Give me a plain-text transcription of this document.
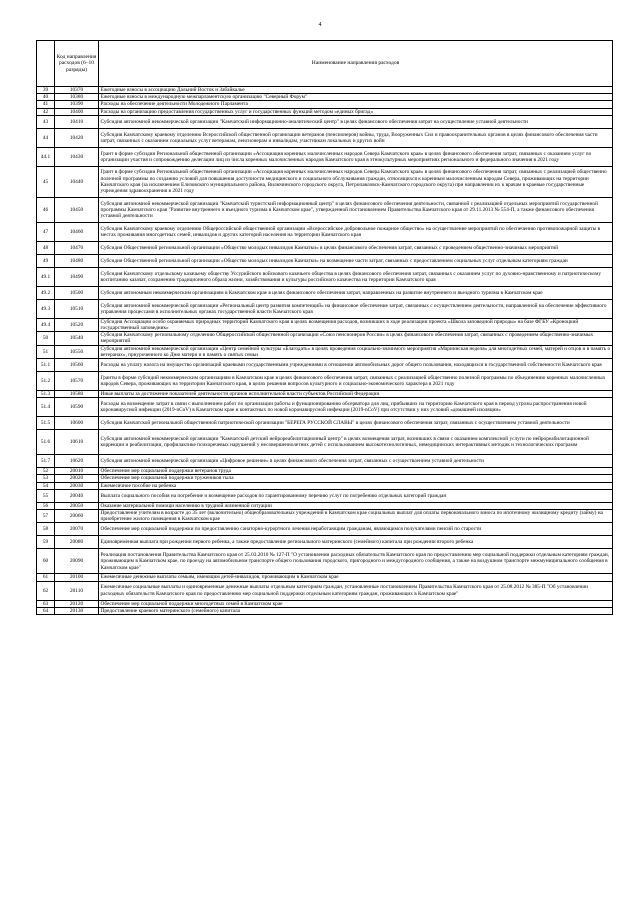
4
	Код направления расходов (6–10 разряды)	Наименование направления расходов
39	10370	Ежегодные взносы в ассоциацию Дальний Восток и Забайкалье
40	10380	Ежегодные взносы в международную межпарламентскую организацию "Северный Форум"
41	10390	Расходы на обеспечение деятельности Молодежного Парламента
42	10400	Расходы на организацию предоставления государственных услуг и государственных функций методом «единых бригад»
43	10410	Субсидия автономной некоммерческой организации "Камчатский информационно-аналитический центр" в целях финансового обеспечения затрат на осуществление уставной деятельности
44	10420	Субсидия Камчатскому краевому отделению Всероссийской общественной организации ветеранов (пенсионеров) войны, труда, Вооруженных Сил и правоохранительных органов в целях финансового обеспечения части затрат, связанных с оказанием социальных услуг ветеранам, пенсионерам и инвалидам, участникам локальных и других войн
44.1	10430	Грант в форме субсидии Региональной общественной организации «Ассоциация коренных малочисленных народов Севера Камчатского края» в целях финансового обеспечения затрат, связанных с оказанием услуг по организации участия и сопровождению делегации лиц из числа коренных малочисленных народов Камчатского края в этнокультурных мероприятиях регионального и федерального значения в 2021 году
45	10440	Грант в форме субсидии Региональной общественной организации «Ассоциация коренных малочисленных народов Севера Камчатского края» в целях финансового обеспечения затрат, связанных с реализацией общественно полезной программы по созданию условий для повышения доступности медицинского и социального обслуживания граждан, относящихся к коренным малочисленным народам Севера, проживающих на территории Камчатского края (за исключением Елизовского муниципального района, Вилючинского городского округа, Петропавловск-Камчатского городского округа) при направлении их к врачам в краевые государственные учреждения здравоохранения в 2021 году
46	10450	Субсидия автономной некоммерческой организации "Камчатский туристский информационный центр" в целях финансового обеспечения деятельности, связанной с реализацией отдельных мероприятий государственной программы Камчатского края "Развитие внутреннего и въездного туризма в Камчатском крае", утвержденной постановлением Правительства Камчатского края от 29.11.2013 № 554-П, а также финансового обеспечения уставной деятельности
47	10460	Субсидия Камчатскому краевому отделению Общероссийской общественной организации «Всероссийское добровольное пожарное общество» на осуществление мероприятий по обеспечению противопожарной защиты в местах проживания многодетных семей, инвалидов и других категорий населения на территории Камчатского края
48	10470	Субсидия Общественной региональной организации «Общество молодых инвалидов Камчатки» в целях финансового обеспечения затрат, связанных с проведением общественно-значимых мероприятий
49	10480	Субсидия Общественной региональной организации «Общество молодых инвалидов Камчатки» на возмещение части затрат, связанных с предоставлением социальных услуг отдельным категориям граждан
49.1	10490	Субсидия Камчатскому отдельскому казачьему обществу Уссурийского войскового казачьего общества в целях финансового обеспечения затрат, связанных с оказанием услуг по духовно-нравственному и патриотическому воспитанию казачат, сохранению традиционного образа жизни, хозяйствования и культуры российского казачества на территории Камчатского края
49.2	10500	Субсидия автономным некоммерческим организациям в Камчатском крае в целях финансового обеспечения затрат, направленных на развитие внутреннего и въездного туризма в Камчатском крае
49.3	10510	Субсидия автономной некоммерческой организации «Региональный центр развития компетенций» на финансовое обеспечение затрат, связанных с осуществлением деятельности, направленной на обеспечение эффективного управления процессами в исполнительных органах государственной власти Камчатского края
49.4	10520	Субсидия Ассоциации особо охраняемых природных территорий Камчатского края в целях возмещения расходов, возникших в ходе реализации проекта «Школа заповедной природы» на базе ФГБУ «Кроноцкий государственный заповедник»
50	10540	Субсидия Камчатскому региональному отделению Общероссийской общественной организации «Союз пенсионеров России» в целях финансового обеспечения затрат, связанных с проведением общественно-значимых мероприятий
51	10550	Субсидия автономной некоммерческой организации «Центр семейной культуры «Благодать» в целях проведения социально-значимого мероприятия «Мариинская неделя» для многодетных семей, матерей и отцов и в память о ветеранах», приуроченного ко Дню матери и в память о святых семьи
51.1	10560	Расходы на уплату налога на имущество организаций краевыми государственными учреждениями в отношении автомобильных дорог общего пользования, находящихся в государственной собственности Камчатского края
51.2	10570	Гранты в форме субсидий некоммерческим организациям в Камчатском крае в целях финансового обеспечения затрат, связанных с реализацией общественно полезной программы по объединению коренных малочисленных народов Севера, проживающих на территории Камчатского края, в целях решения вопросов культурного и социально-экономического характера в 2021 году
51.3	10580	Иные выплаты за достижение показателей деятельности органов исполнительной власти субъектов Российской Федерации
51.4	10590	Расходы на возмещение затрат в связи с выполнением работ по организации работы и функционированию обсерватора для лиц, прибывших на территорию Камчатского края в период угрозы распространения новой коронавирусной инфекции (2019-nCoV) в Камчатском крае и контактных по новой коронавирусной инфекции (2019-nCoV) при отсутствии у них условий «домашней изоляции»
51.5	10600	Субсидия Камчатской региональной общественной патриотической организации "БЕРЕГА РУССКОЙ СЛАВЫ" в целях финансового обеспечения затрат, связанных с осуществлением уставной деятельности
51.6	10610	Субсидия автономной некоммерческой организации "Камчатский детский нейрореабилитационный центр" в целях возмещения затрат, возникших в связи с оказанием комплексной услуги по нейрореабилитационной коррекции и реабилитации, профилактике психоречевых нарушений у несовершеннолетних детей с использованием высокотехнологичных, немедицинских интерактивных методик и технологических программ
51.7	10620	Субсидия автономной некоммерческой организации «Цифровое решение» в целях финансового обеспечения затрат, связанных с осуществлением уставной деятельности
52	20010	Обеспечение мер социальной поддержки ветеранов труда
53	20020	Обеспечение мер социальной поддержки тружеников тыла
54	20030	Ежемесячное пособие на ребенка
55	20040	Выплата социального пособия на погребение и возмещение расходов по гарантированному перечню услуг по погребению отдельных категорий граждан
56	20050	Оказание материальной помощи населению в трудной жизненной ситуации
57	20060	Предоставление учителям в возрасте до 35 лет (включительно) общеобразовательных учреждений в Камчатском крае социальных выплат для оплаты первоначального взноса по ипотечному жилищному кредиту (займу) на приобретение жилого помещения в Камчатском крае
58	20070	Обеспечение мер социальной поддержки по предоставлению санаторно-курортного лечения неработающим гражданам, являющимся получателями пенсий по старости
59	20080	Единовременная выплата при рождении первого ребенка, а также предоставление регионального материнского (семейного) капитала при рождении второго ребенка
60	20090	Реализация постановления Правительства Камчатского края от 25.03.2010 № 127-П "О установлении расходных обязательств Камчатского края по предоставлению мер социальной поддержки отдельным категориям граждан, проживающим в Камчатском крае, по проезду на автомобильном транспорте общего пользования городского, пригородного и междугородного сообщения, а также на воздушном транспорте межмуниципального сообщения в Камчатском крае"
61	20100	Ежемесячные денежные выплаты семьям, имеющим детей-инвалидов, проживающим в Камчатском крае
62	20110	Ежемесячные социальные выплаты и единовременные денежные выплаты отдельным категориям граждан, установленные постановлением Правительства Камчатского края от 25.08.2012 № 385-П "Об установлении расходных обязательств Камчатского края по предоставлению мер социальной поддержки отдельным категориям граждан, проживающих в Камчатском крае"
63	20120	Обеспечение мер социальной поддержки многодетных семей в Камчатском крае
64	20130	Предоставление краевого материнского (семейного) капитала
